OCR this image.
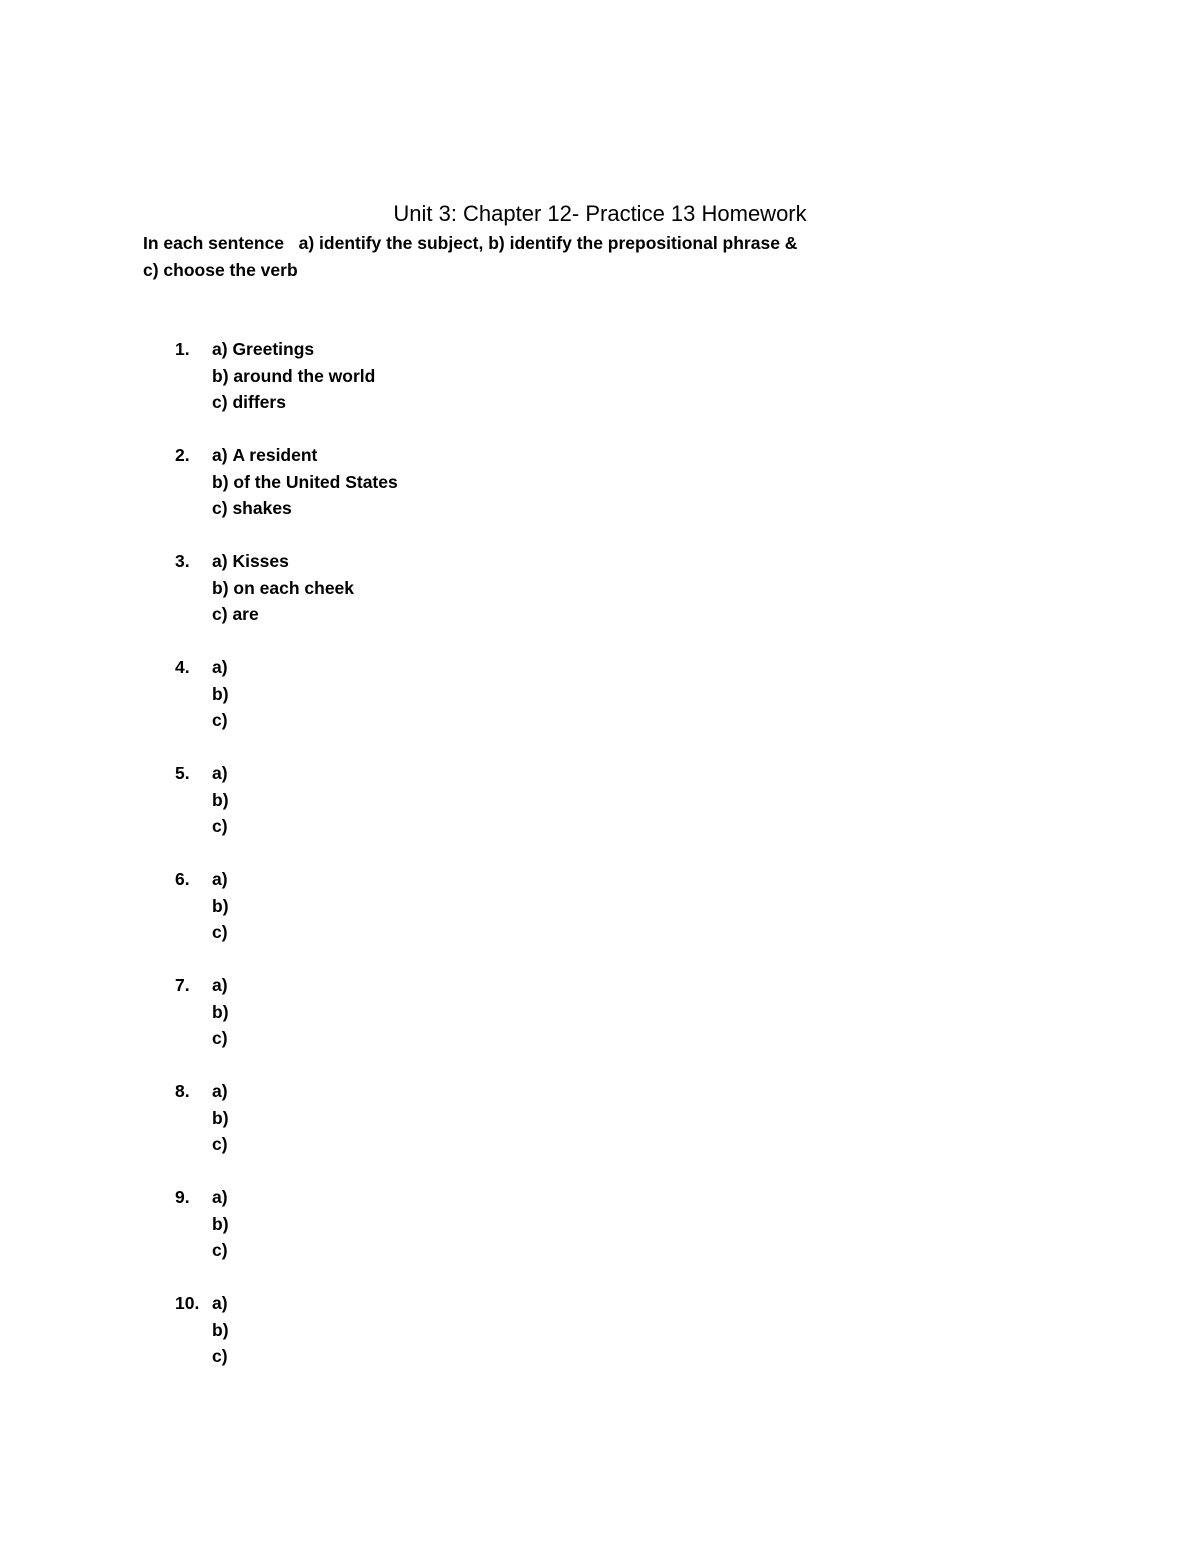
Unit 3: Chapter 12- Practice 13 Homework
In each sentence   a) identify the subject, b) identify the prepositional phrase &
c) choose the verb
1. a) Greetings
b) around the world
c) differs
2. a) A resident
b) of the United States
c) shakes
3. a) Kisses
b) on each cheek
c) are
4. a)
b)
c)
5. a)
b)
c)
6. a)
b)
c)
7. a)
b)
c)
8. a)
b)
c)
9. a)
b)
c)
10. a)
b)
c)
